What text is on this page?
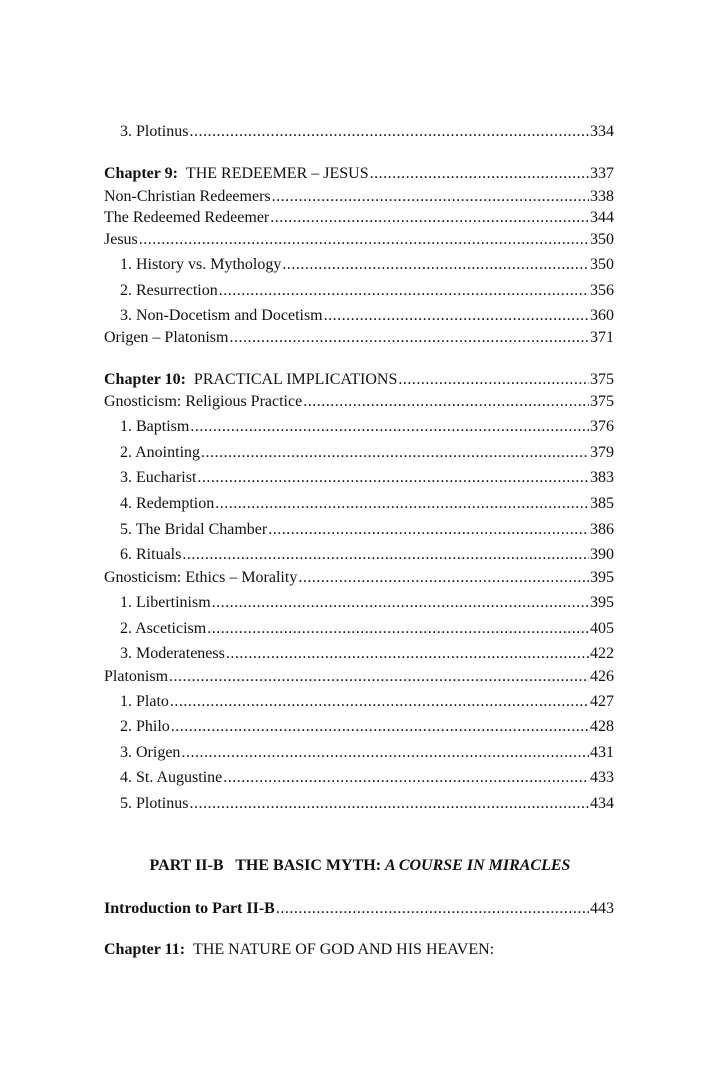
3. Plotinus .....	334
Chapter 9: THE REDEEMER – JESUS .....	337
Non-Christian Redeemers .....	338
The Redeemed Redeemer .....	344
Jesus .....	350
1. History vs. Mythology .....	350
2. Resurrection .....	356
3. Non-Docetism and Docetism .....	360
Origen – Platonism .....	371
Chapter 10: PRACTICAL IMPLICATIONS .....	375
Gnosticism: Religious Practice .....	375
1. Baptism .....	376
2. Anointing .....	379
3. Eucharist .....	383
4. Redemption .....	385
5. The Bridal Chamber .....	386
6. Rituals .....	390
Gnosticism: Ethics – Morality .....	395
1. Libertinism .....	395
2. Asceticism .....	405
3. Moderateness .....	422
Platonism .....	426
1. Plato .....	427
2. Philo .....	428
3. Origen .....	431
4. St. Augustine .....	433
5. Plotinus .....	434
PART II-B   THE BASIC MYTH: A COURSE IN MIRACLES
Introduction to Part II-B .....	443
Chapter 11: THE NATURE OF GOD AND HIS HEAVEN:
